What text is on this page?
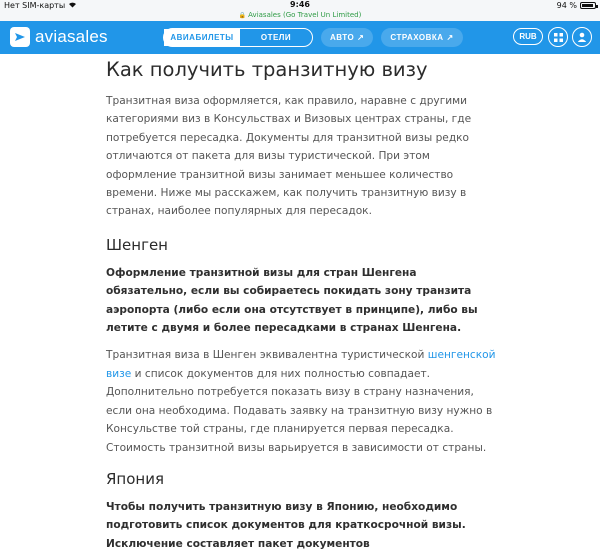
Нет SIM-карты	9:46	94 %
🔒 Aviasales (Go Travel Un Limited)
aviasales	АВИАБИЛЕТЫ	ОТЕЛИ	АВТО ↗	СТРАХОВКА ↗	RUB
Как получить транзитную визу
Транзитная виза оформляется, как правило, наравне с другими категориями виз в Консульствах и Визовых центрах страны, где потребуется пересадка. Документы для транзитной визы редко отличаются от пакета для визы туристической. При этом оформление транзитной визы занимает меньшее количество времени. Ниже мы расскажем, как получить транзитную визу в странах, наиболее популярных для пересадок.
Шенген
Оформление транзитной визы для стран Шенгена обязательно, если вы собираетесь покидать зону транзита аэропорта (либо если она отсутствует в принципе), либо вы летите с двумя и более пересадками в странах Шенгена.
Транзитная виза в Шенген эквивалентна туристической шенгенской визе и список документов для них полностью совпадает. Дополнительно потребуется показать визу в страну назначения, если она необходима. Подавать заявку на транзитную визу нужно в Консульстве той страны, где планируется первая пересадка. Стоимость транзитной визы варьируется в зависимости от страны.
Япония
Чтобы получить транзитную визу в Японию, необходимо подготовить список документов для краткосрочной визы. Исключение составляет пакет документов
